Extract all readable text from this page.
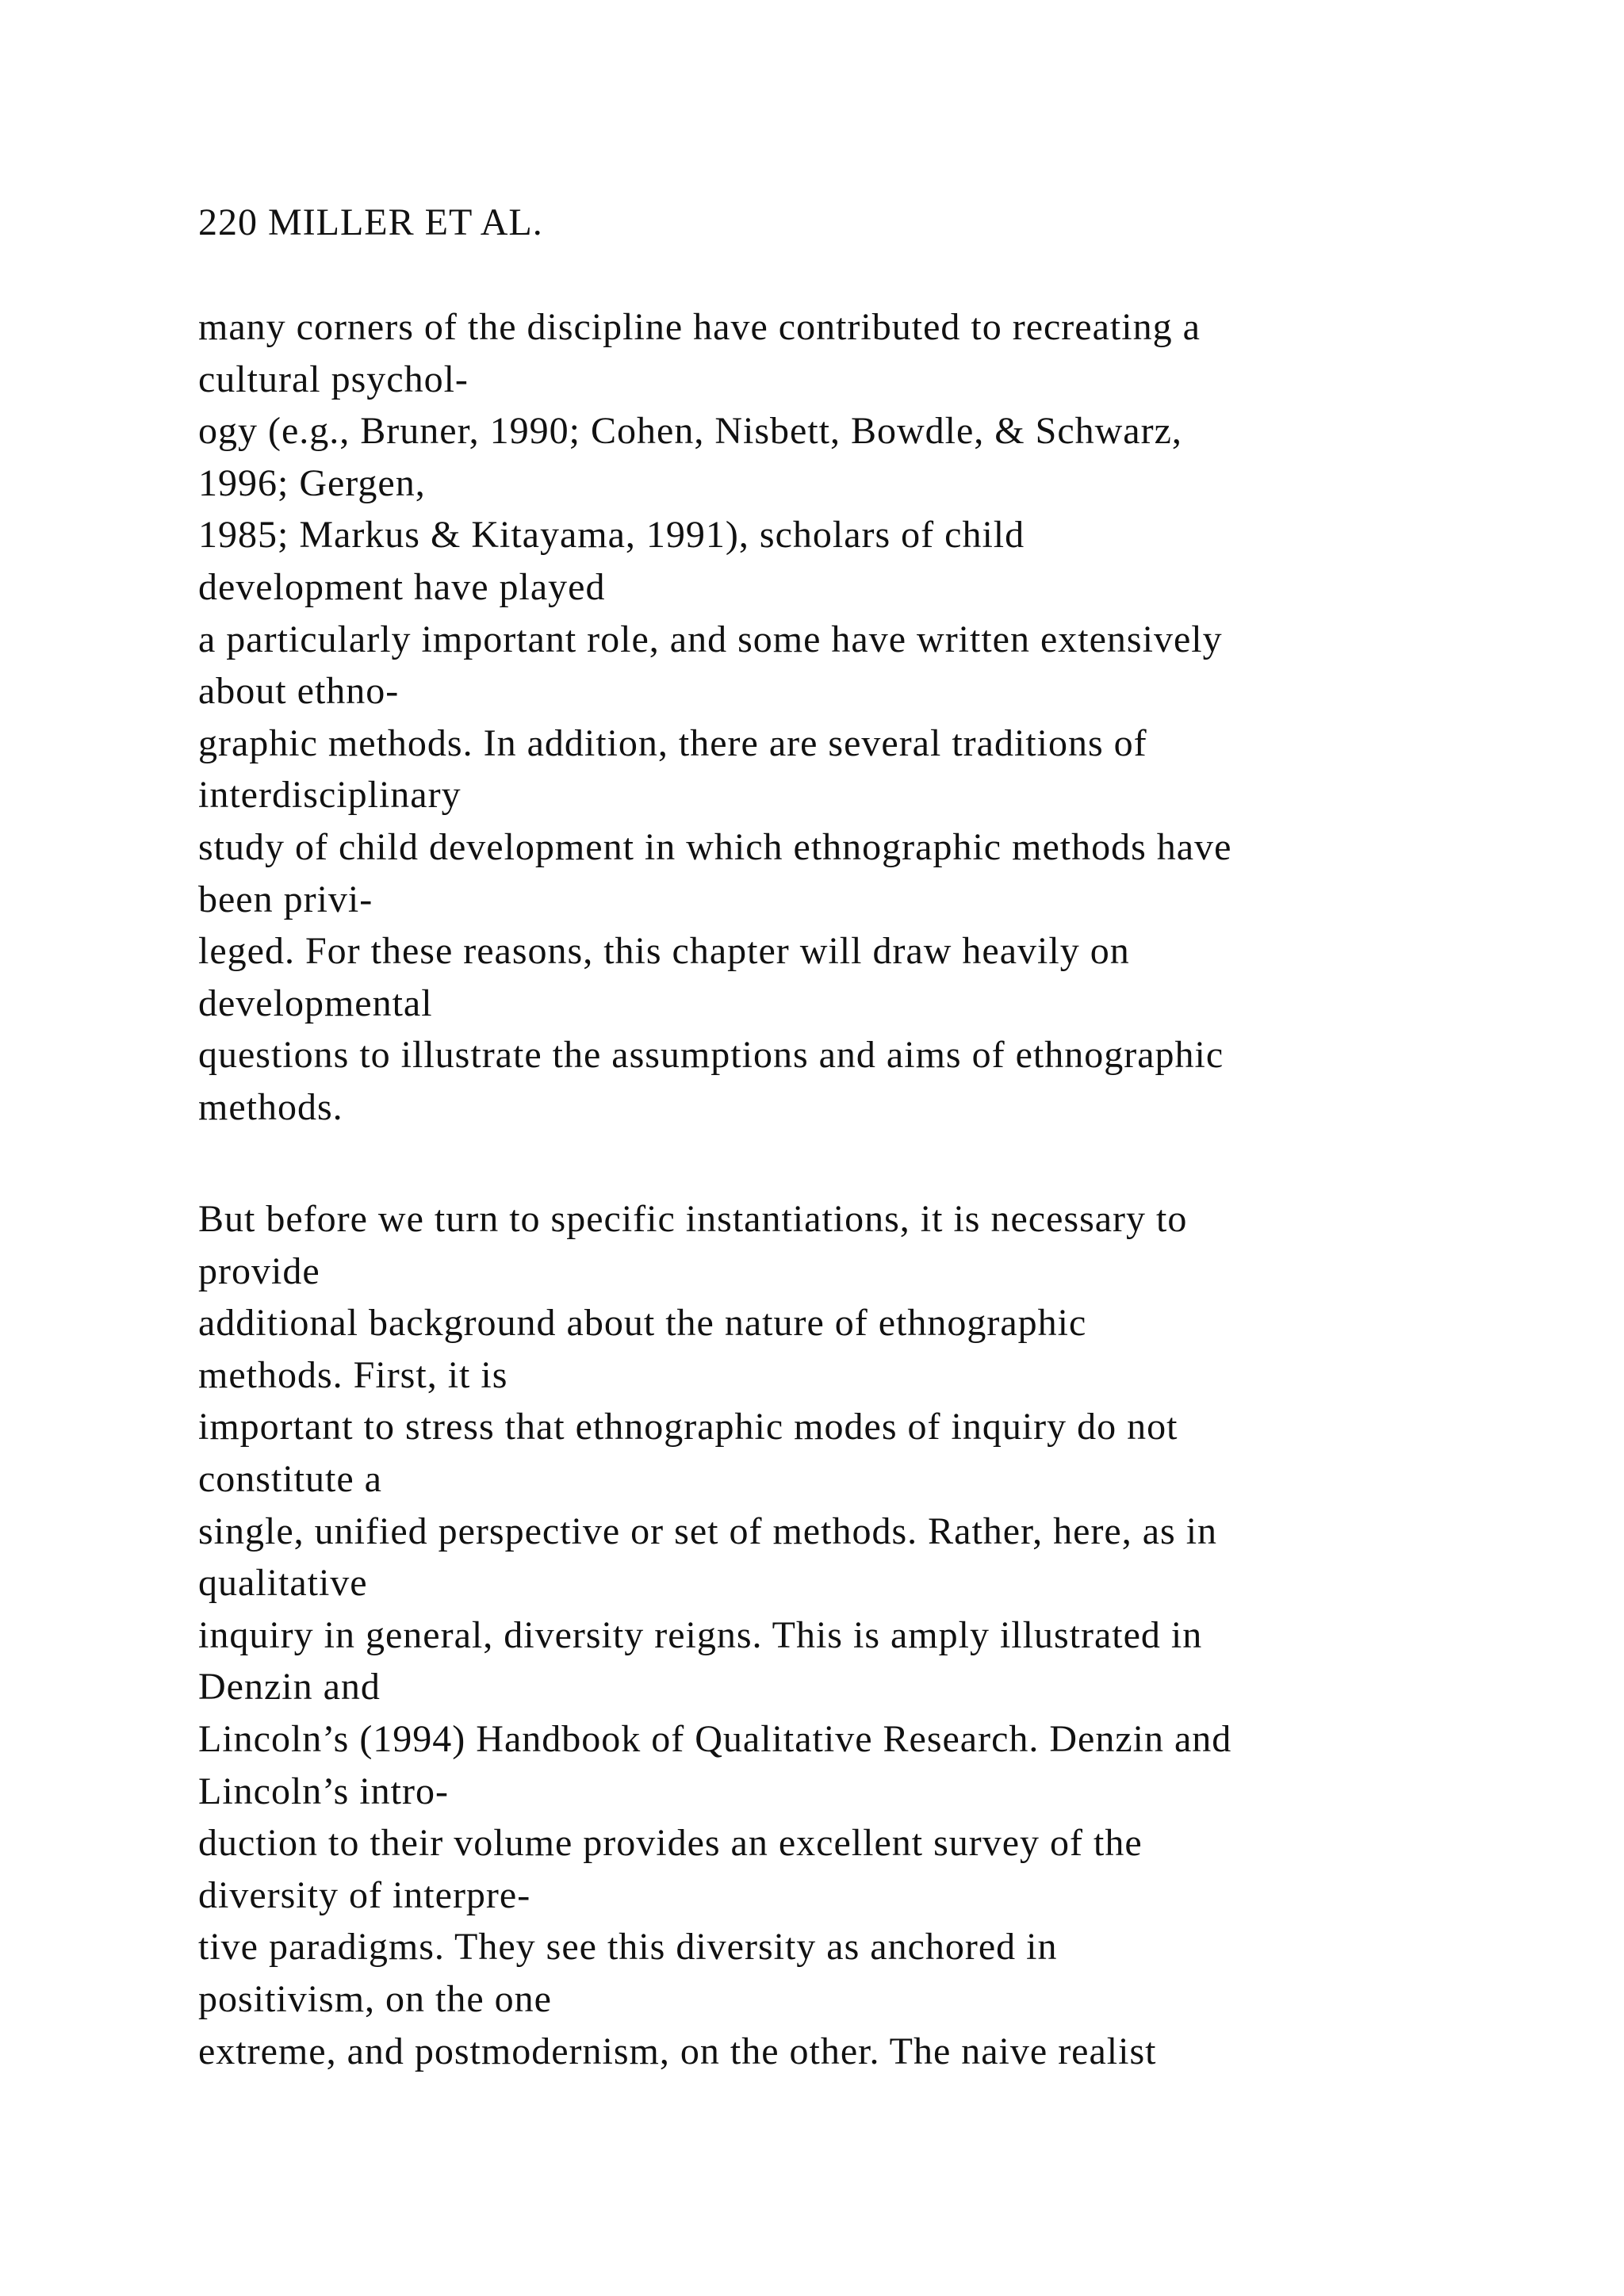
220 MILLER ET AL.
many corners of the discipline have contributed to recreating a
cultural psychol-
ogy (e.g., Bruner, 1990; Cohen, Nisbett, Bowdle, & Schwarz,
1996; Gergen,
1985; Markus & Kitayama, 1991), scholars of child
development have played
a particularly important role, and some have written extensively
about ethno-
graphic methods. In addition, there are several traditions of
interdisciplinary
study of child development in which ethnographic methods have
been privi-
leged. For these reasons, this chapter will draw heavily on
developmental
questions to illustrate the assumptions and aims of ethnographic
methods.
But before we turn to specific instantiations, it is necessary to
provide
additional background about the nature of ethnographic
methods. First, it is
important to stress that ethnographic modes of inquiry do not
constitute a
single, unified perspective or set of methods. Rather, here, as in
qualitative
inquiry in general, diversity reigns. This is amply illustrated in
Denzin and
Lincoln’s (1994) Handbook of Qualitative Research. Denzin and
Lincoln’s intro-
duction to their volume provides an excellent survey of the
diversity of interpre-
tive paradigms. They see this diversity as anchored in
positivism, on the one
extreme, and postmodernism, on the other. The naive realist
